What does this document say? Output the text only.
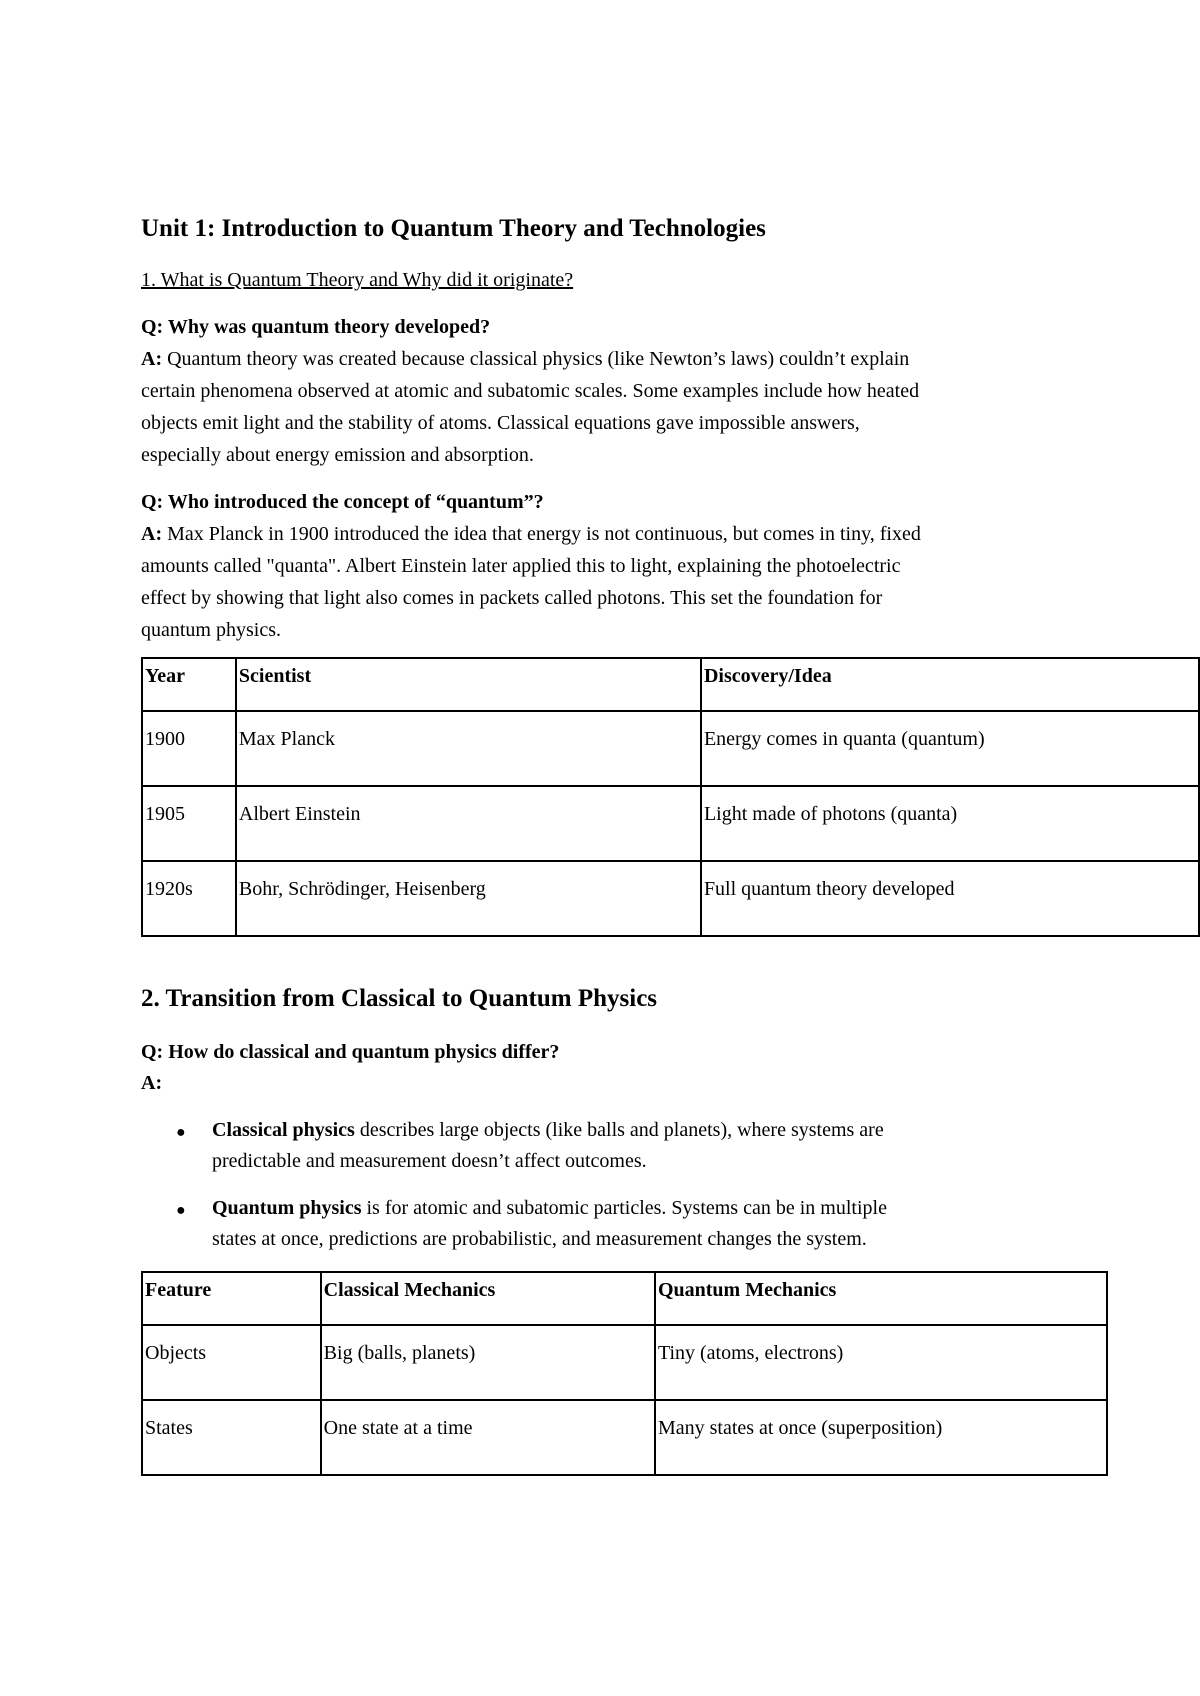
Unit 1: Introduction to Quantum Theory and Technologies
1. What is Quantum Theory and Why did it originate?
Q: Why was quantum theory developed?
A: Quantum theory was created because classical physics (like Newton’s laws) couldn’t explain
certain phenomena observed at atomic and subatomic scales. Some examples include how heated
objects emit light and the stability of atoms. Classical equations gave impossible answers,
especially about energy emission and absorption.
Q: Who introduced the concept of “quantum”?
A: Max Planck in 1900 introduced the idea that energy is not continuous, but comes in tiny, fixed
amounts called "quanta". Albert Einstein later applied this to light, explaining the photoelectric
effect by showing that light also comes in packets called photons. This set the foundation for
quantum physics.
Year	Scientist	Discovery/Idea
1900	Max Planck	Energy comes in quanta (quantum)
1905	Albert Einstein	Light made of photons (quanta)
1920s	Bohr, Schrödinger, Heisenberg	Full quantum theory developed
2. Transition from Classical to Quantum Physics
Q: How do classical and quantum physics differ?
A:
● Classical physics describes large objects (like balls and planets), where systems are
predictable and measurement doesn’t affect outcomes.
● Quantum physics is for atomic and subatomic particles. Systems can be in multiple
states at once, predictions are probabilistic, and measurement changes the system.
Feature	Classical Mechanics	Quantum Mechanics
Objects	Big (balls, planets)	Tiny (atoms, electrons)
States	One state at a time	Many states at once (superposition)
